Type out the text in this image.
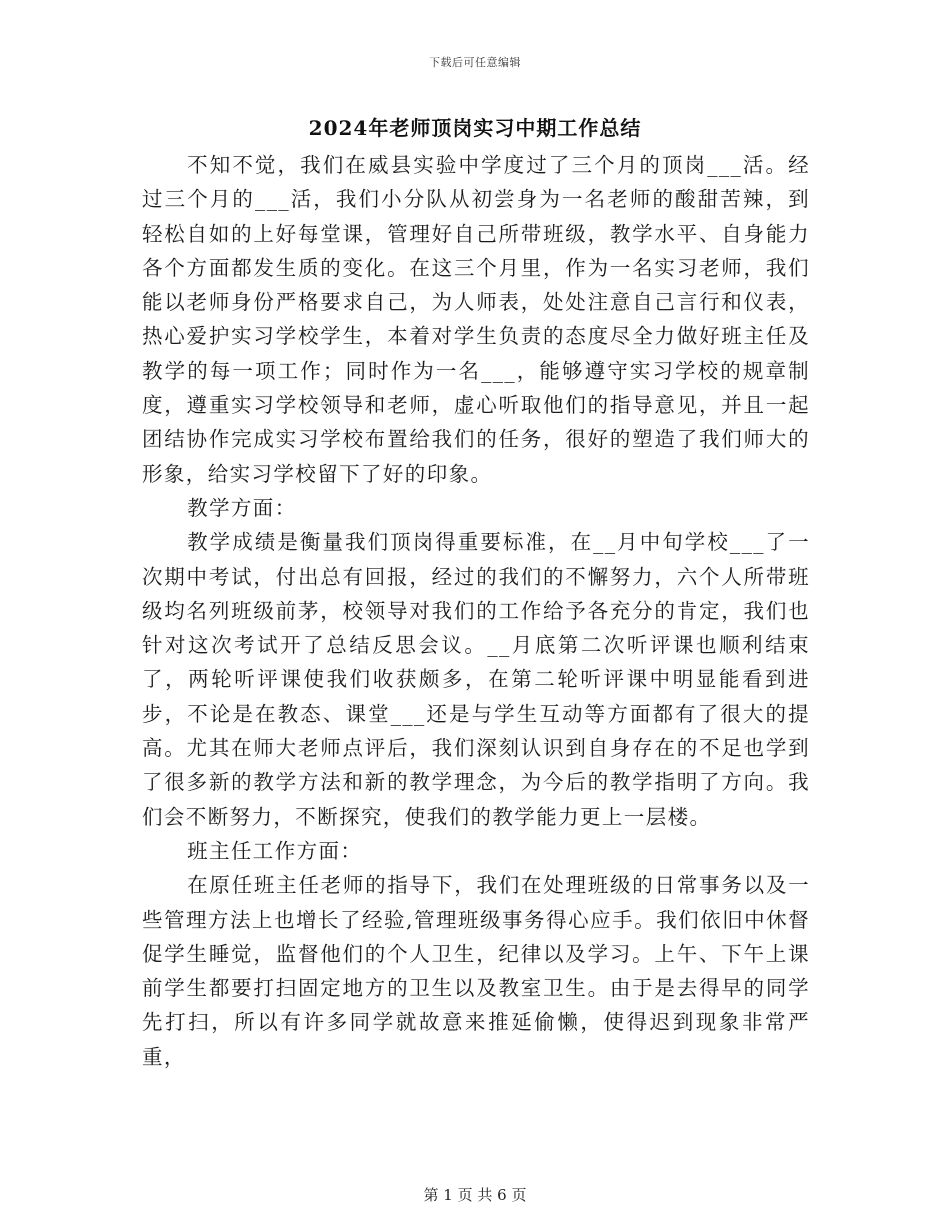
下载后可任意编辑
2024年老师顶岗实习中期工作总结

不知不觉，我们在威县实验中学度过了三个月的顶岗___活。经过三个月的___活，我们小分队从初尝身为一名老师的酸甜苦辣，到轻松自如的上好每堂课，管理好自己所带班级，教学水平、自身能力各个方面都发生质的变化。在这三个月里，作为一名实习老师，我们能以老师身份严格要求自己，为人师表，处处注意自己言行和仪表，热心爱护实习学校学生，本着对学生负责的态度尽全力做好班主任及教学的每一项工作；同时作为一名___，能够遵守实习学校的规章制度，遵重实习学校领导和老师，虚心听取他们的指导意见，并且一起团结协作完成实习学校布置给我们的任务，很好的塑造了我们师大的形象，给实习学校留下了好的印象。

教学方面：

教学成绩是衡量我们顶岗得重要标准，在__月中旬学校___了一次期中考试，付出总有回报，经过的我们的不懈努力，六个人所带班级均名列班级前茅，校领导对我们的工作给予各充分的肯定，我们也针对这次考试开了总结反思会议。__月底第二次听评课也顺利结束了，两轮听评课使我们收获颇多，在第二轮听评课中明显能看到进步，不论是在教态、课堂___还是与学生互动等方面都有了很大的提高。尤其在师大老师点评后，我们深刻认识到自身存在的不足也学到了很多新的教学方法和新的教学理念，为今后的教学指明了方向。我们会不断努力，不断探究，使我们的教学能力更上一层楼。

班主任工作方面：

在原任班主任老师的指导下，我们在处理班级的日常事务以及一些管理方法上也增长了经验,管理班级事务得心应手。我们依旧中休督促学生睡觉，监督他们的个人卫生，纪律以及学习。上午、下午上课前学生都要打扫固定地方的卫生以及教室卫生。由于是去得早的同学先打扫，所以有许多同学就故意来推延偷懒，使得迟到现象非常严重，

第 1 页 共 6 页
